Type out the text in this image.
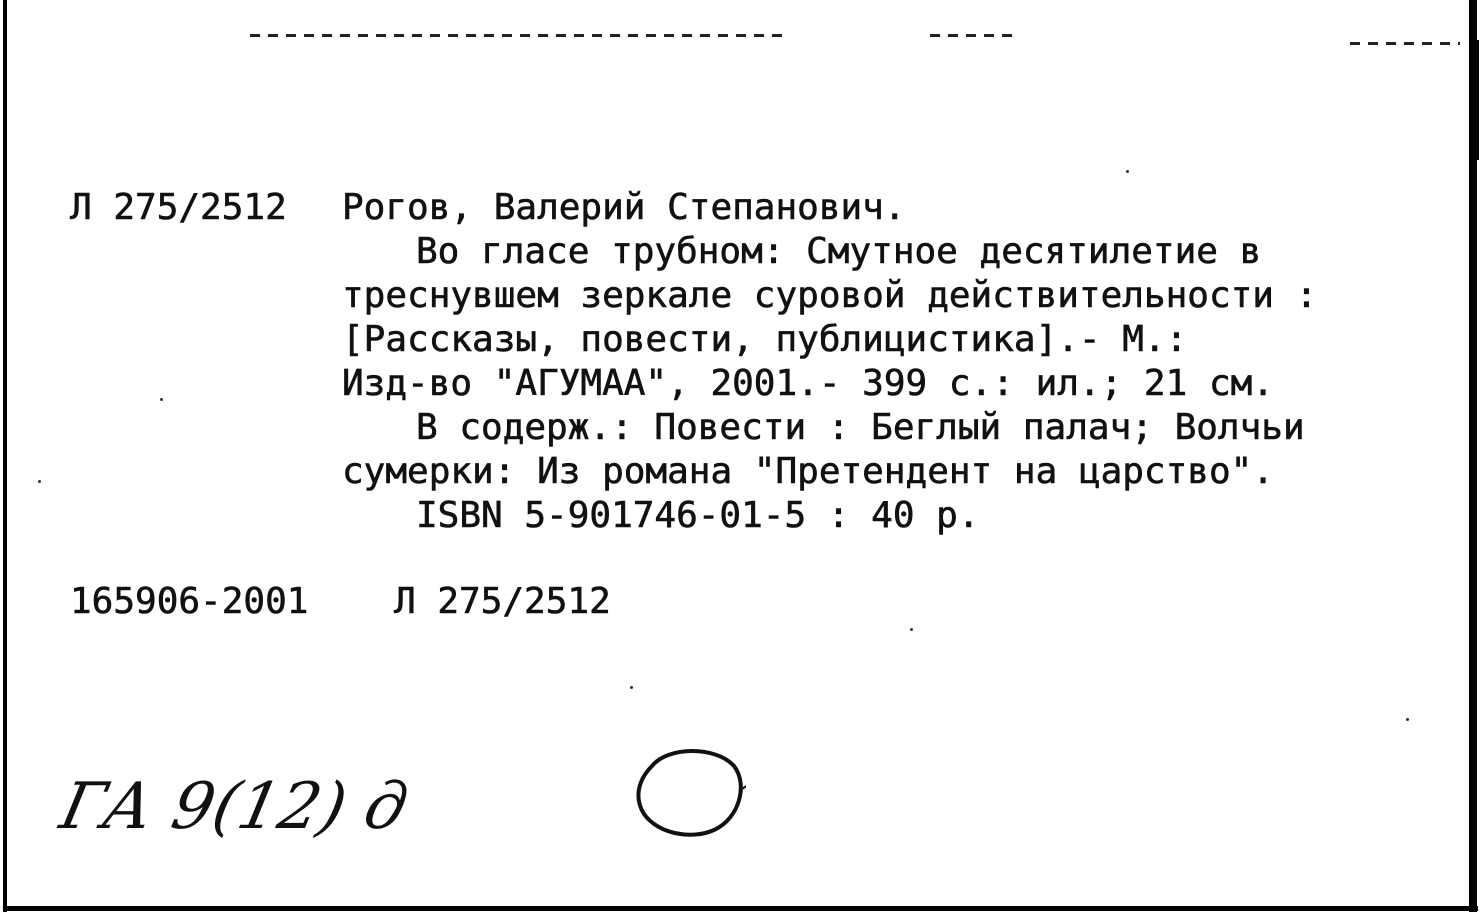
Л 275/2512 Рогов, Валерий Степанович.
Во гласе трубном: Смутное десятилетие в
треснувшем зеркале суровой действительности :
[Рассказы, повести, публицистика].- М.:
Изд-во "АГУМАА", 2001.- 399 с.: ил.; 21 см.
В содерж.: Повести : Беглый палач; Волчьи
сумерки: Из романа "Претендент на царство".
ISBN 5-901746-01-5 : 40 р.
165906-2001 Л 275/2512
ГА 9(12) д
